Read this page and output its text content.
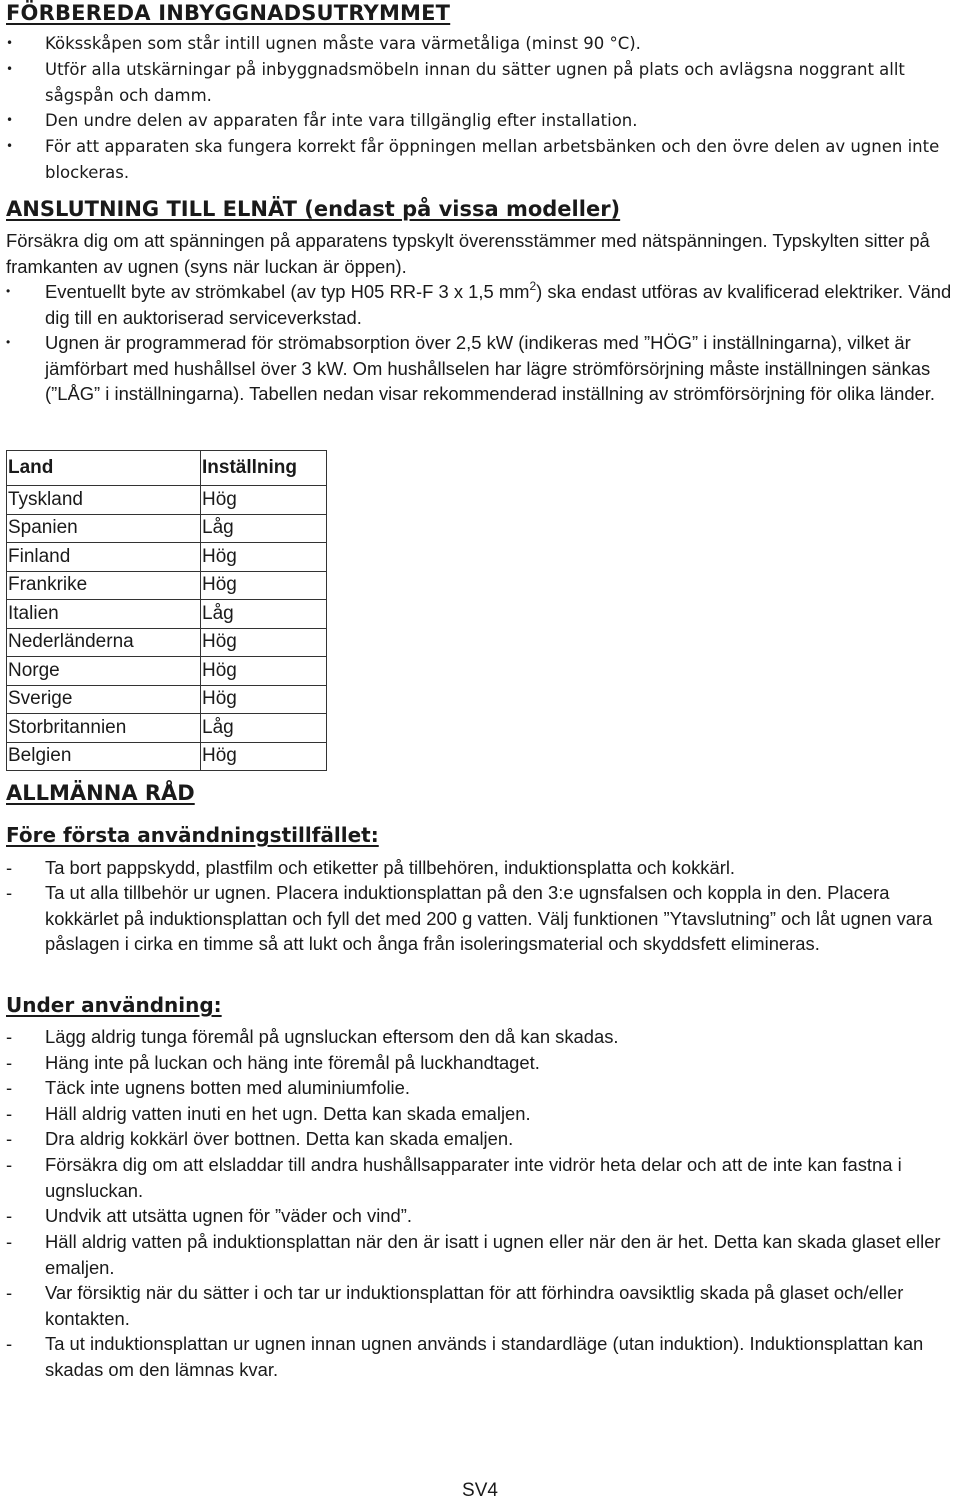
FÖRBEREDA INBYGGNADSUTRYMMET
• Köksskåpen som står intill ugnen måste vara värmetåliga (minst 90 °C).
• Utför alla utskärningar på inbyggnadsmöbeln innan du sätter ugnen på plats och avlägsna noggrant allt sågspån och damm.
• Den undre delen av apparaten får inte vara tillgänglig efter installation.
• För att apparaten ska fungera korrekt får öppningen mellan arbetsbänken och den övre delen av ugnen inte blockeras.
ANSLUTNING TILL ELNÄT (endast på vissa modeller)
Försäkra dig om att spänningen på apparatens typskylt överensstämmer med nätspänningen. Typskylten sitter på framkanten av ugnen (syns när luckan är öppen).
• Eventuellt byte av strömkabel (av typ H05 RR-F 3 x 1,5 $mm^2$) ska endast utföras av kvalificerad elektriker. Vänd dig till en auktoriserad serviceverkstad.
• Ugnen är programmerad för strömabsorption över 2,5 kW (indikeras med ”HÖG” i inställningarna), vilket är jämförbart med hushållsel över 3 kW. Om hushållselen har lägre strömförsörjning måste inställningen sänkas (”LÅG” i inställningarna). Tabellen nedan visar rekommenderad inställning av strömförsörjning för olika länder.
Land	Inställning
Tyskland	Hög
Spanien	Låg
Finland	Hög
Frankrike	Hög
Italien	Låg
Nederländerna	Hög
Norge	Hög
Sverige	Hög
Storbritannien	Låg
Belgien	Hög
ALLMÄNNA RÅD
Före första användningstillfället:
- Ta bort pappskydd, plastfilm och etiketter på tillbehören, induktionsplatta och kokkärl.
- Ta ut alla tillbehör ur ugnen. Placera induktionsplattan på den 3:e ugnsfalsen och koppla in den. Placera kokkärlet på induktionsplattan och fyll det med 200 g vatten. Välj funktionen ”Ytavslutning” och låt ugnen vara påslagen i cirka en timme så att lukt och ånga från isoleringsmaterial och skyddsfett elimineras.
Under användning:
- Lägg aldrig tunga föremål på ugnsluckan eftersom den då kan skadas.
- Häng inte på luckan och häng inte föremål på luckhandtaget.
- Täck inte ugnens botten med aluminiumfolie.
- Häll aldrig vatten inuti en het ugn. Detta kan skada emaljen.
- Dra aldrig kokkärl över bottnen. Detta kan skada emaljen.
- Försäkra dig om att elsladdar till andra hushållsapparater inte vidrör heta delar och att de inte kan fastna i ugnsluckan.
- Undvik att utsätta ugnen för ”väder och vind”.
- Häll aldrig vatten på induktionsplattan när den är isatt i ugnen eller när den är het. Detta kan skada glaset eller emaljen.
- Var försiktig när du sätter i och tar ur induktionsplattan för att förhindra oavsiktlig skada på glaset och/eller kontakten.
- Ta ut induktionsplattan ur ugnen innan ugnen används i standardläge (utan induktion). Induktionsplattan kan skadas om den lämnas kvar.
SV4
